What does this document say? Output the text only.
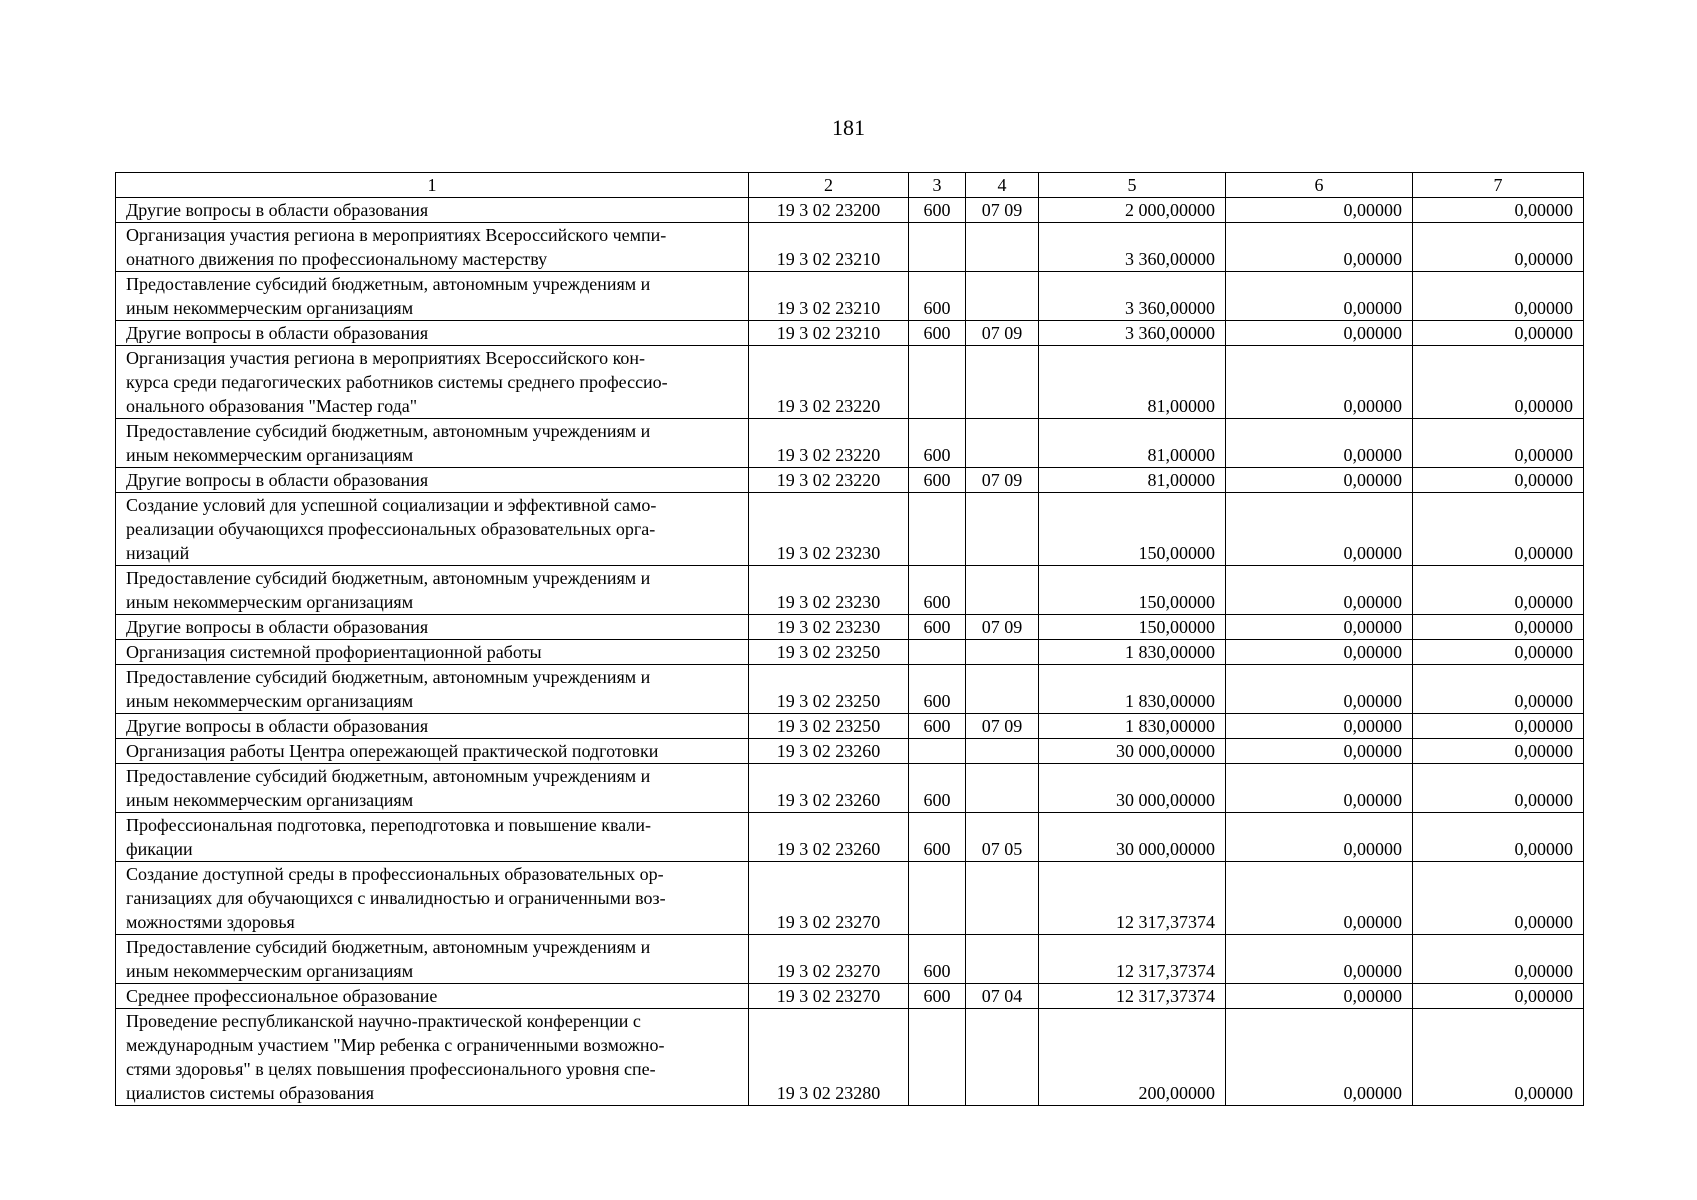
181
1	2	3	4	5	6	7
Другие вопросы в области образования	19 3 02 23200	600	07 09	2 000,00000	0,00000	0,00000
Организация участия региона в мероприятиях Всероссийского чемпи-
онатного движения по профессиональному мастерству	19 3 02 23210			3 360,00000	0,00000	0,00000
Предоставление субсидий бюджетным, автономным учреждениям и
иным некоммерческим организациям	19 3 02 23210	600		3 360,00000	0,00000	0,00000
Другие вопросы в области образования	19 3 02 23210	600	07 09	3 360,00000	0,00000	0,00000
Организация участия региона в мероприятиях Всероссийского кон-
курса среди педагогических работников системы среднего профессио-
онального образования "Мастер года"	19 3 02 23220			81,00000	0,00000	0,00000
Предоставление субсидий бюджетным, автономным учреждениям и
иным некоммерческим организациям	19 3 02 23220	600		81,00000	0,00000	0,00000
Другие вопросы в области образования	19 3 02 23220	600	07 09	81,00000	0,00000	0,00000
Создание условий для успешной социализации и эффективной само-
реализации обучающихся профессиональных образовательных орга-
низаций	19 3 02 23230			150,00000	0,00000	0,00000
Предоставление субсидий бюджетным, автономным учреждениям и
иным некоммерческим организациям	19 3 02 23230	600		150,00000	0,00000	0,00000
Другие вопросы в области образования	19 3 02 23230	600	07 09	150,00000	0,00000	0,00000
Организация системной профориентационной работы	19 3 02 23250			1 830,00000	0,00000	0,00000
Предоставление субсидий бюджетным, автономным учреждениям и
иным некоммерческим организациям	19 3 02 23250	600		1 830,00000	0,00000	0,00000
Другие вопросы в области образования	19 3 02 23250	600	07 09	1 830,00000	0,00000	0,00000
Организация работы Центра опережающей практической подготовки	19 3 02 23260			30 000,00000	0,00000	0,00000
Предоставление субсидий бюджетным, автономным учреждениям и
иным некоммерческим организациям	19 3 02 23260	600		30 000,00000	0,00000	0,00000
Профессиональная подготовка, переподготовка и повышение квали-
фикации	19 3 02 23260	600	07 05	30 000,00000	0,00000	0,00000
Создание доступной среды в профессиональных образовательных ор-
ганизациях для обучающихся с инвалидностью и ограниченными воз-
можностями здоровья	19 3 02 23270			12 317,37374	0,00000	0,00000
Предоставление субсидий бюджетным, автономным учреждениям и
иным некоммерческим организациям	19 3 02 23270	600		12 317,37374	0,00000	0,00000
Среднее профессиональное образование	19 3 02 23270	600	07 04	12 317,37374	0,00000	0,00000
Проведение республиканской научно-практической конференции с
международным участием "Мир ребенка с ограниченными возможно-
стями здоровья" в целях повышения профессионального уровня спе-
циалистов системы образования	19 3 02 23280			200,00000	0,00000	0,00000
